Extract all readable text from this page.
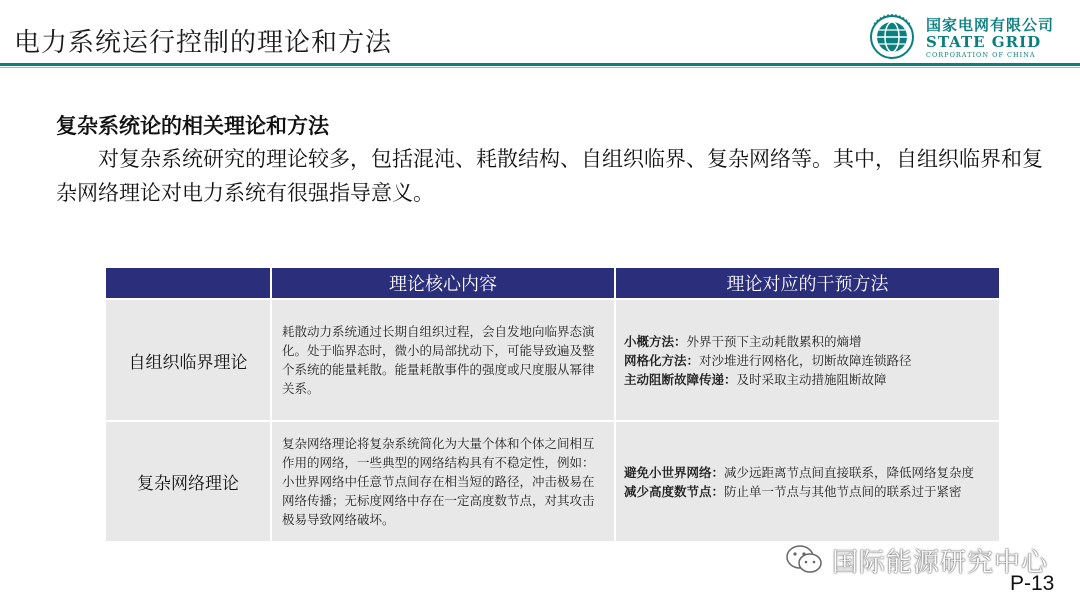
电力系统运行控制的理论和方法
国家电网有限公司
STATE GRID
CORPORATION OF CHINA
复杂系统论的相关理论和方法
对复杂系统研究的理论较多，包括混沌、耗散结构、自组织临界、复杂网络等。其中，自组织临界和复杂网络理论对电力系统有很强指导意义。
	理论核心内容	理论对应的干预方法
自组织临界理论	耗散动力系统通过长期自组织过程，会自发地向临界态演化。处于临界态时，微小的局部扰动下，可能导致遍及整个系统的能量耗散。能量耗散事件的强度或尺度服从幂律关系。	小概方法：外界干预下主动耗散累积的熵增
网格化方法：对沙堆进行网格化，切断故障连锁路径
主动阻断故障传递：及时采取主动措施阻断故障

复杂网络理论	复杂网络理论将复杂系统简化为大量个体和个体之间相互作用的网络，一些典型的网络结构具有不稳定性，例如：小世界网络中任意节点间存在相当短的路径，冲击极易在网络传播；无标度网络中存在一定高度数节点，对其攻击极易导致网络破坏。	避免小世界网络：减少远距离节点间直接联系，降低网络复杂度
减少高度数节点：防止单一节点与其他节点间的联系过于紧密
国际能源研究中心
P-13
